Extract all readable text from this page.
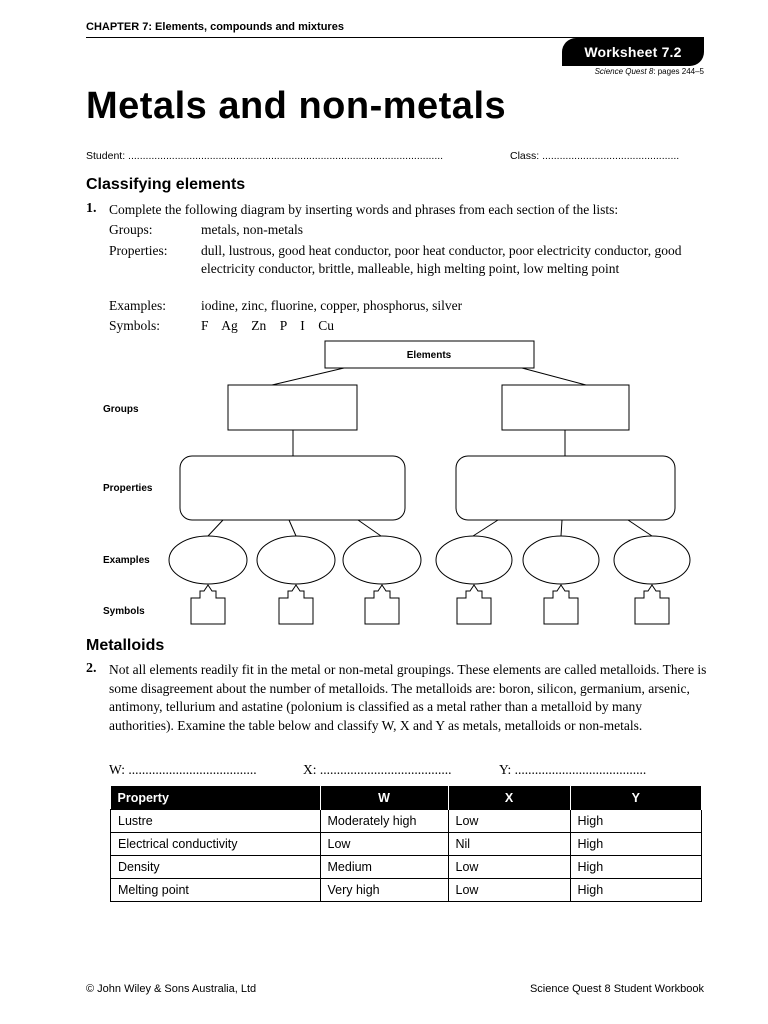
CHAPTER 7: Elements, compounds and mixtures
Worksheet 7.2
Science Quest 8: pages 244–5
Metals and non-metals
Student: ............................................................................................................	Class: ...............................................
Classifying elements
1. Complete the following diagram by inserting words and phrases from each section of the lists:
Groups:	metals, non-metals
Properties: dull, lustrous, good heat conductor, poor heat conductor, poor electricity conductor, good electricity conductor, brittle, malleable, high melting point, low melting point
Examples:	iodine, zinc, fluorine, copper, phosphorus, silver
Symbols:	F    Ag    Zn    P    I    Cu
Elements
Groups
Properties
Examples
Symbols
Metalloids
2. Not all elements readily fit in the metal or non-metal groupings. These elements are called metalloids. There is some disagreement about the number of metalloids. The metalloids are: boron, silicon, germanium, arsenic, antimony, tellurium and astatine (polonium is classified as a metal rather than a metalloid by many authorities). Examine the table below and classify W, X and Y as metals, metalloids or non-metals.
W: ......................................	X: .......................................	Y: .......................................
Property	W	X	Y
Lustre	Moderately high	Low	High
Electrical conductivity	Low	Nil	High
Density	Medium	Low	High
Melting point	Very high	Low	High
© John Wiley & Sons Australia, Ltd	Science Quest 8 Student Workbook
